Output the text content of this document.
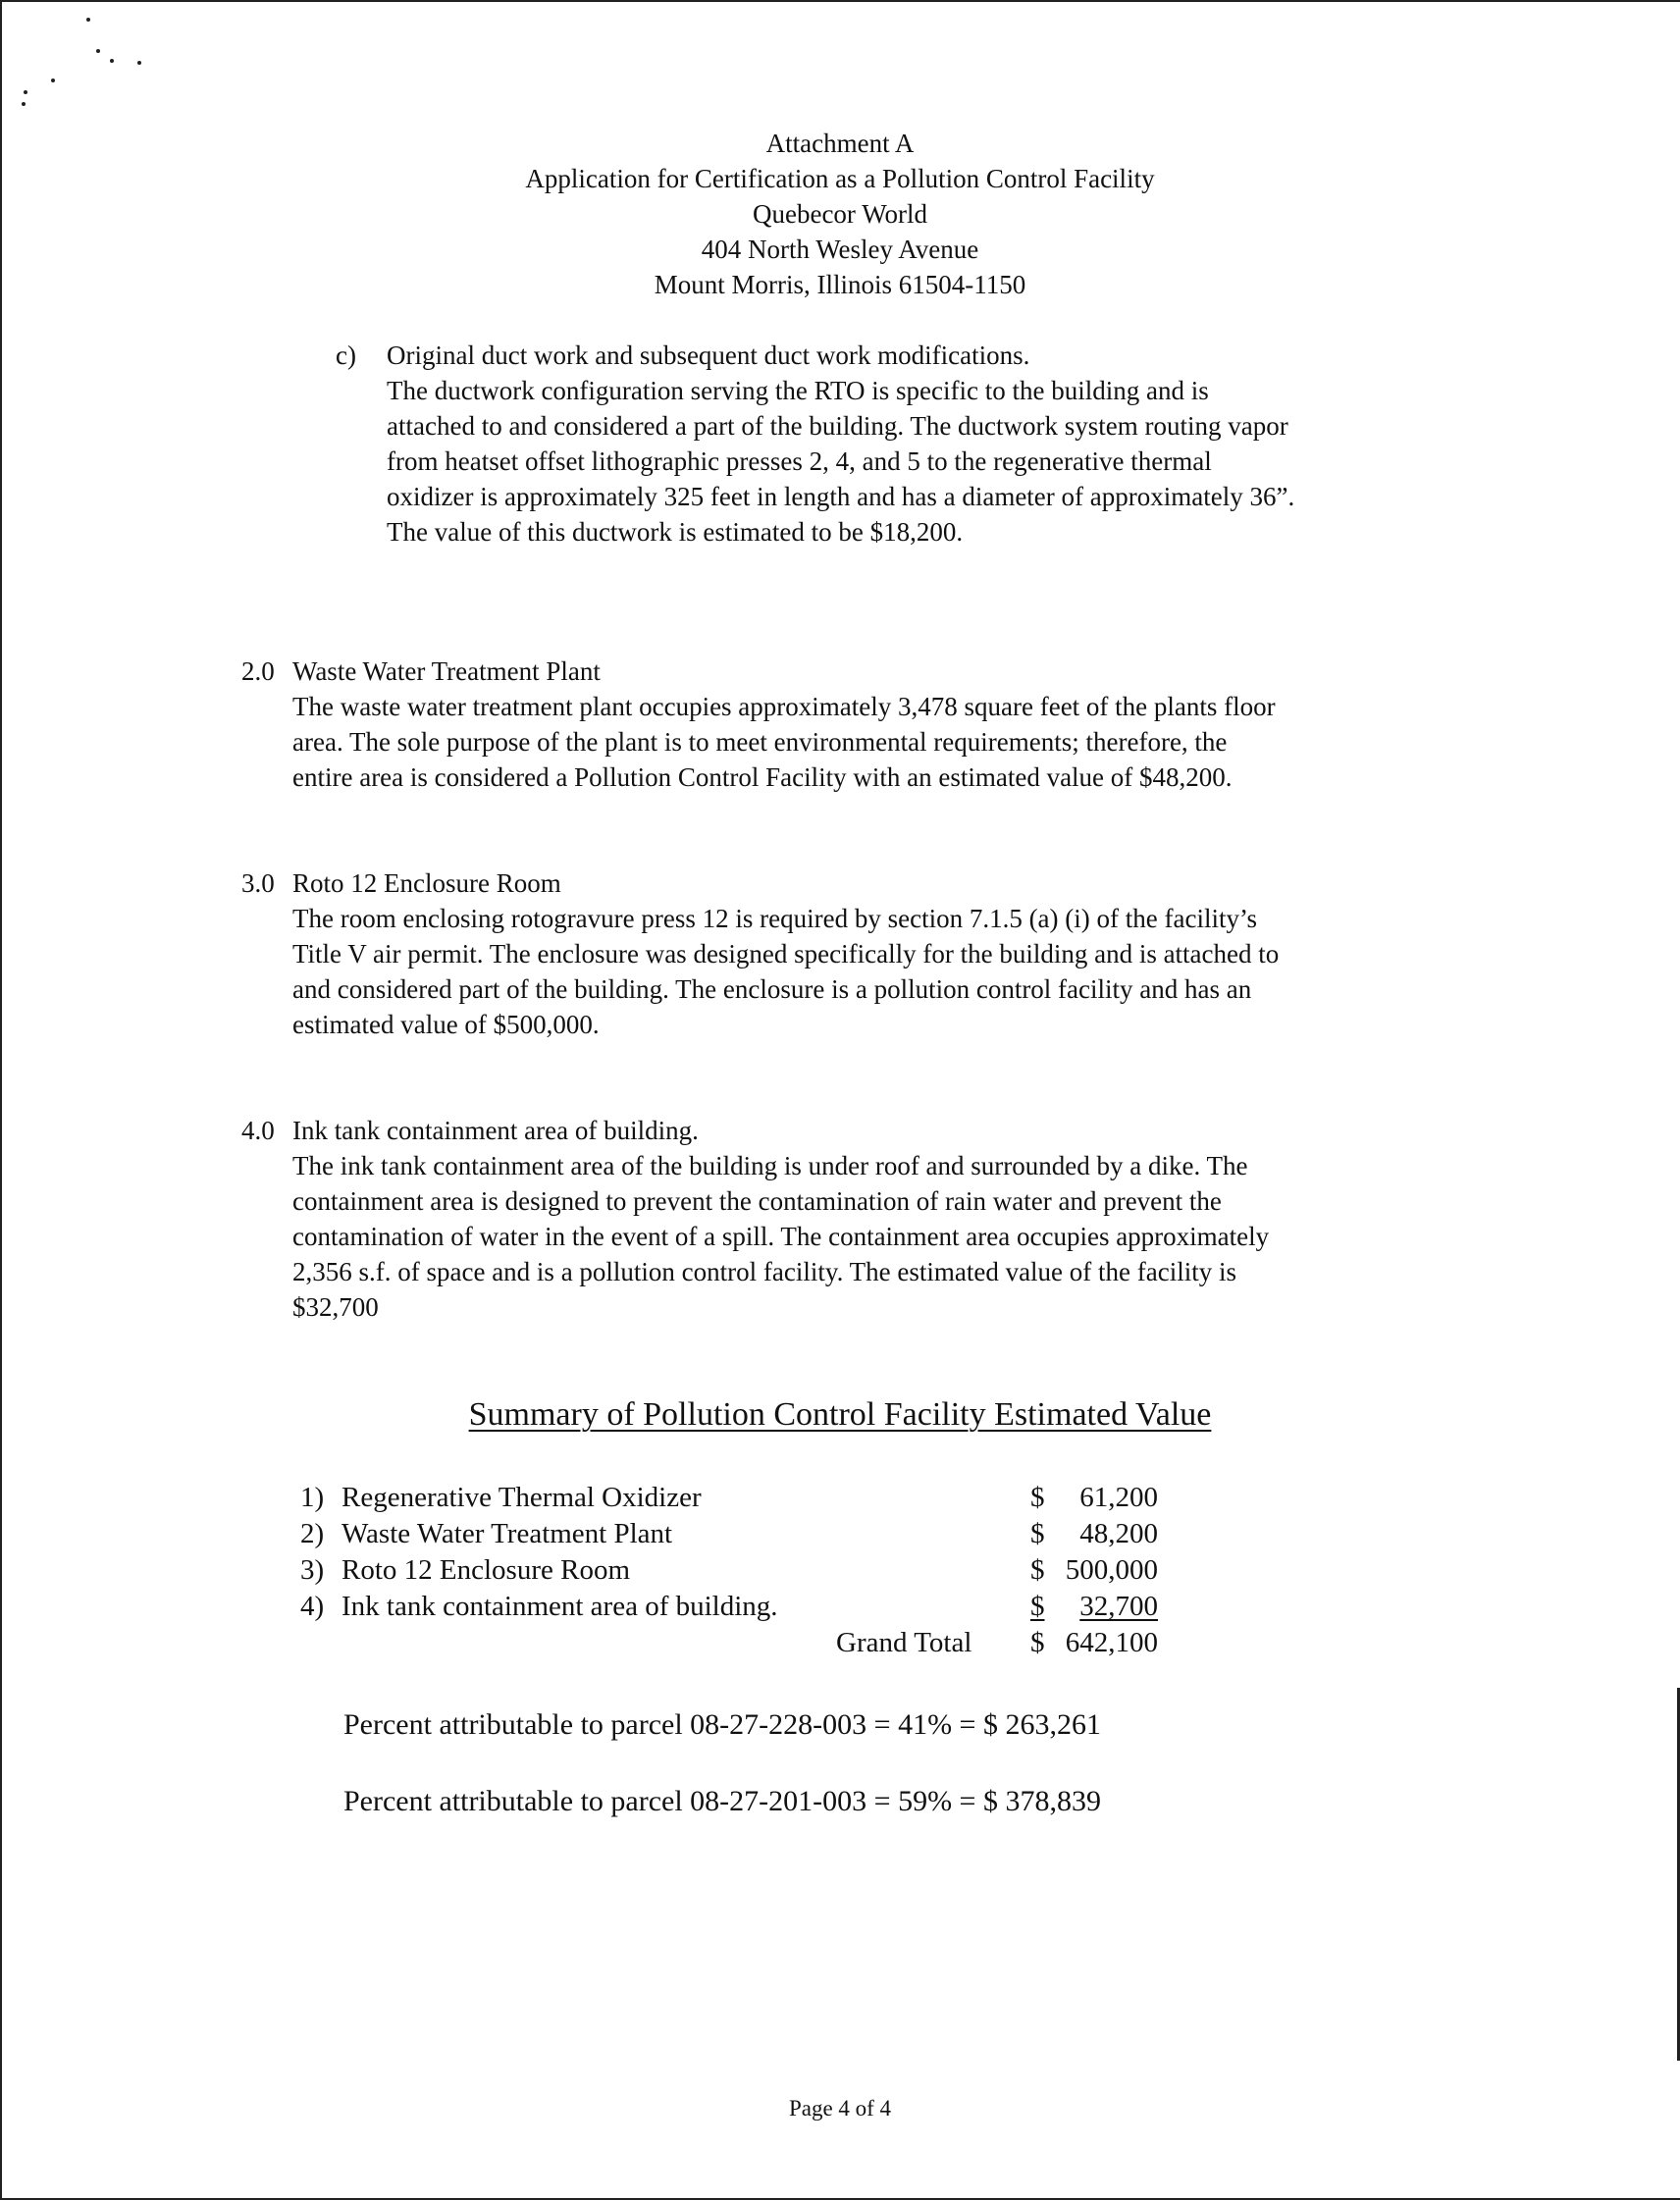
Attachment A
Application for Certification as a Pollution Control Facility
Quebecor World
404 North Wesley Avenue
Mount Morris, Illinois 61504-1150
c) Original duct work and subsequent duct work modifications.
The ductwork configuration serving the RTO is specific to the building and is
attached to and considered a part of the building. The ductwork system routing vapor
from heatset offset lithographic presses 2, 4, and 5 to the regenerative thermal
oxidizer is approximately 325 feet in length and has a diameter of approximately 36”.
The value of this ductwork is estimated to be $18,200.
2.0 Waste Water Treatment Plant
The waste water treatment plant occupies approximately 3,478 square feet of the plants floor
area. The sole purpose of the plant is to meet environmental requirements; therefore, the
entire area is considered a Pollution Control Facility with an estimated value of $48,200.
3.0 Roto 12 Enclosure Room
The room enclosing rotogravure press 12 is required by section 7.1.5 (a) (i) of the facility’s
Title V air permit. The enclosure was designed specifically for the building and is attached to
and considered part of the building. The enclosure is a pollution control facility and has an
estimated value of $500,000.
4.0 Ink tank containment area of building.
The ink tank containment area of the building is under roof and surrounded by a dike. The
containment area is designed to prevent the contamination of rain water and prevent the
contamination of water in the event of a spill. The containment area occupies approximately
2,356 s.f. of space and is a pollution control facility. The estimated value of the facility is
$32,700
Summary of Pollution Control Facility Estimated Value
1) Regenerative Thermal Oxidizer	$ 61,200
2) Waste Water Treatment Plant	$ 48,200
3) Roto 12 Enclosure Room	$ 500,000
4) Ink tank containment area of building.	$ 32,700
Grand Total $ 642,100
Percent attributable to parcel 08-27-228-003 = 41% = $ 263,261
Percent attributable to parcel 08-27-201-003 = 59% = $ 378,839
Page 4 of 4
